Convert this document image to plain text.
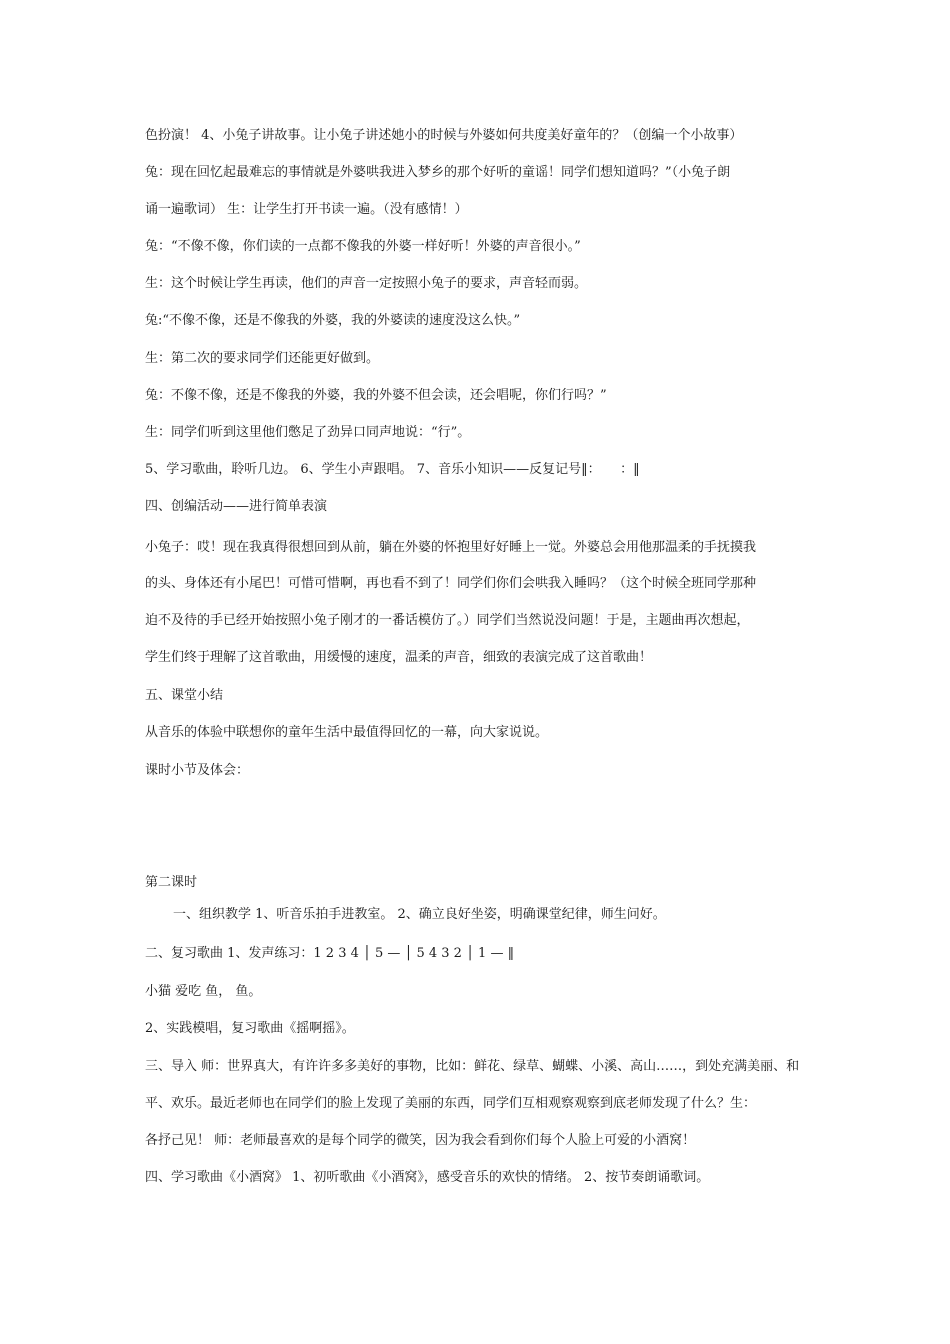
色扮演！ 4、小兔子讲故事。让小兔子讲述她小的时候与外婆如何共度美好童年的？（创编一个小故事）
兔：现在回忆起最难忘的事情就是外婆哄我进入梦乡的那个好听的童谣！同学们想知道吗？”（小兔子朗
诵一遍歌词） 生：让学生打开书读一遍。（没有感情！）
兔：“不像不像，你们读的一点都不像我的外婆一样好听！外婆的声音很小。”
生：这个时候让学生再读，他们的声音一定按照小兔子的要求，声音轻而弱。
兔:“不像不像，还是不像我的外婆，我的外婆读的速度没这么快。”
生：第二次的要求同学们还能更好做到。
兔：不像不像，还是不像我的外婆，我的外婆不但会读，还会唱呢，你们行吗？”
生：同学们听到这里他们憋足了劲异口同声地说：“行”。
5、学习歌曲，聆听几边。 6、学生小声跟唱。 7、音乐小知识——反复记号‖：　　：‖
四、创编活动——进行简单表演
小兔子：哎！现在我真得很想回到从前，躺在外婆的怀抱里好好睡上一觉。外婆总会用他那温柔的手抚摸我
的头、身体还有小尾巴！可惜可惜啊，再也看不到了！同学们你们会哄我入睡吗？（这个时候全班同学那种
迫不及待的手已经开始按照小兔子刚才的一番话模仿了。）同学们当然说没问题！于是，主题曲再次想起，
学生们终于理解了这首歌曲，用缓慢的速度，温柔的声音，细致的表演完成了这首歌曲！
五、课堂小结
从音乐的体验中联想你的童年生活中最值得回忆的一幕，向大家说说。
课时小节及体会：
第二课时
一、组织教学 1、听音乐拍手进教室。 2、确立良好坐姿，明确课堂纪律，师生问好。
二、复习歌曲 1、发声练习：1 2 3 4 │ 5 — │ 5 4 3 2 │ 1 — ‖
小猫 爱吃 鱼， 鱼。
2、实践模唱，复习歌曲《摇啊摇》。
三、导入 师：世界真大，有许许多多美好的事物，比如：鲜花、绿草、蝴蝶、小溪、高山……，到处充满美丽、和
平、欢乐。最近老师也在同学们的脸上发现了美丽的东西，同学们互相观察观察到底老师发现了什么？生：
各抒己见！ 师：老师最喜欢的是每个同学的微笑，因为我会看到你们每个人脸上可爱的小酒窝！
四、学习歌曲《小酒窝》 1、初听歌曲《小酒窝》，感受音乐的欢快的情绪。 2、按节奏朗诵歌词。
